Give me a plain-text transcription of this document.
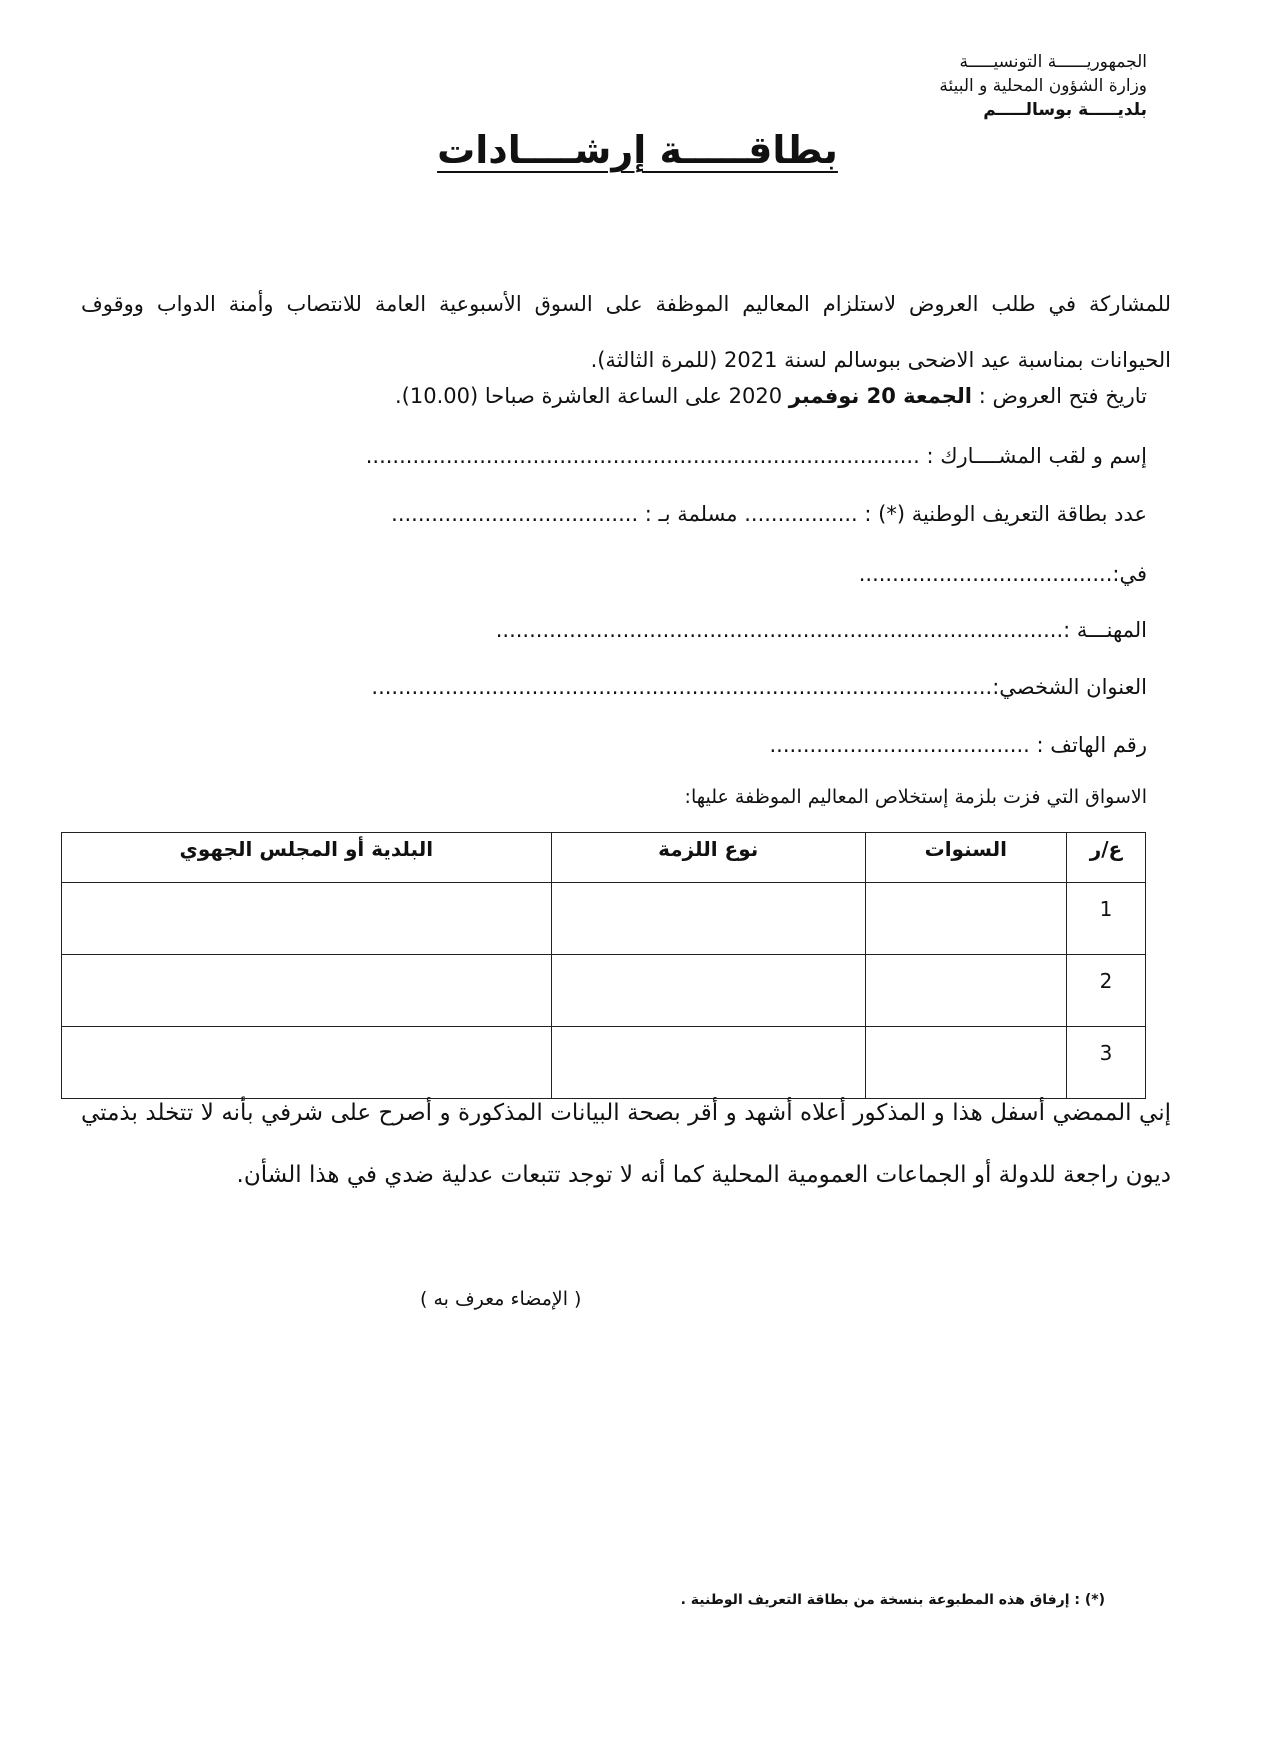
الجمهوريــــــة التونسيـــــة
وزارة الشؤون المحلية و البيئة
بلديـــــة بوسالـــــم
بطاقـــــة إرشــــادات
للمشاركة في طلب العروض لاستلزام المعاليم الموظفة على السوق الأسبوعية العامة للانتصاب وأمنة الدواب ووقوف الحيوانات بمناسبة عيد الاضحى ببوسالم لسنة 2021 (للمرة الثالثة).
تاريخ فتح العروض : الجمعة 20 نوفمبر 2020 على الساعة العاشرة صباحا (10.00).
إسم و لقب المشــــارك : ...................................................................................
عدد بطاقة التعريف الوطنية (*) : ................. مسلمة بـ : .....................................
في:......................................
المهنـــة :.....................................................................................
العنوان الشخصي:.............................................................................................
رقم الهاتف : .......................................
الاسواق التي فزت بلزمة إستخلاص المعاليم الموظفة عليها:
ع/ر	السنوات	نوع اللزمة	البلدية أو المجلس الجهوي
1			
2			
3			
إني الممضي أسفل هذا و المذكور أعلاه أشهد و أقر بصحة البيانات المذكورة و أصرح على شرفي بأنه لا تتخلد بذمتي ديون راجعة للدولة أو الجماعات العمومية المحلية كما أنه لا توجد تتبعات عدلية ضدي في هذا الشأن.
( الإمضاء معرف به )
(*) : إرفاق هذه المطبوعة بنسخة من بطاقة التعريف الوطنية .
